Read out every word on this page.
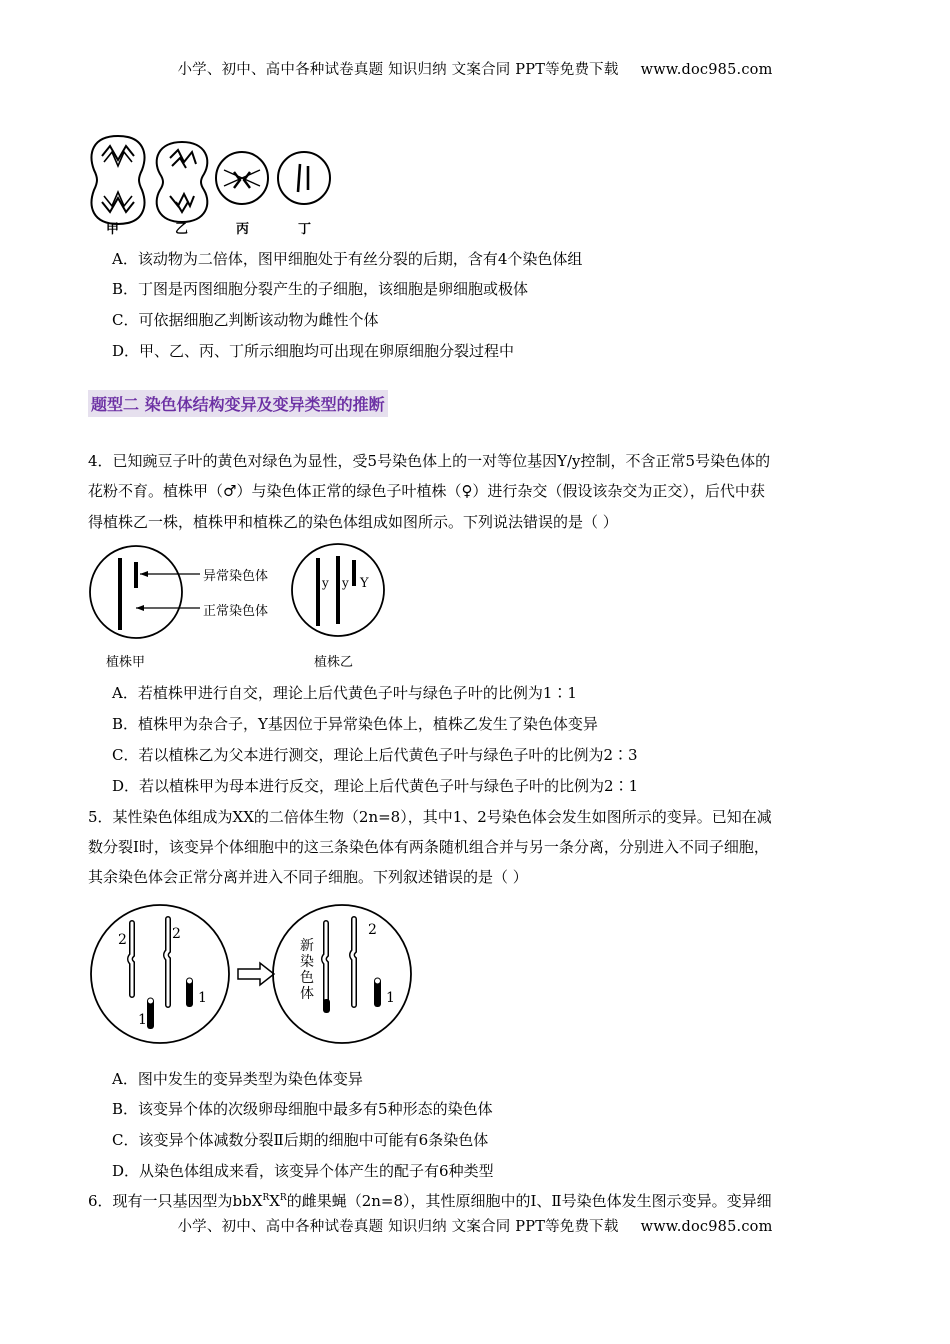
小学、初中、高中各种试卷真题 知识归纳 文案合同 PPT等免费下载 www.doc985.com
甲	乙	丙	丁
A．该动物为二倍体，图甲细胞处于有丝分裂的后期，含有4个染色体组
B．丁图是丙图细胞分裂产生的子细胞，该细胞是卵细胞或极体
C．可依据细胞乙判断该动物为雌性个体
D．甲、乙、丙、丁所示细胞均可出现在卵原细胞分裂过程中
题型二 染色体结构变异及变异类型的推断
4．已知豌豆子叶的黄色对绿色为显性，受5号染色体上的一对等位基因Y/y控制，不含正常5号染色体的
花粉不育。植株甲（♂）与染色体正常的绿色子叶植株（♀）进行杂交（假设该杂交为正交），后代中获
得植株乙一株，植株甲和植株乙的染色体组成如图所示。下列说法错误的是（ ）
异常染色体
正常染色体
y y Y
植株甲	植株乙
A．若植株甲进行自交，理论上后代黄色子叶与绿色子叶的比例为1∶1
B．植株甲为杂合子，Y基因位于异常染色体上，植株乙发生了染色体变异
C．若以植株乙为父本进行测交，理论上后代黄色子叶与绿色子叶的比例为2∶3
D．若以植株甲为母本进行反交，理论上后代黄色子叶与绿色子叶的比例为2∶1
5．某性染色体组成为XX的二倍体生物（2n=8），其中1、2号染色体会发生如图所示的变异。已知在减
数分裂Ⅰ时，该变异个体细胞中的这三条染色体有两条随机组合并与另一条分离，分别进入不同子细胞，
其余染色体会正常分离并进入不同子细胞。下列叙述错误的是（ ）
2	2
1
1
2
1
新
染
色
体
A．图中发生的变异类型为染色体变异
B．该变异个体的次级卵母细胞中最多有5种形态的染色体
C．该变异个体减数分裂Ⅱ后期的细胞中可能有6条染色体
D．从染色体组成来看，该变异个体产生的配子有6种类型
6．现有一只基因型为$bbX^RX^R$的雌果蝇（2n=8），其性原细胞中的Ⅰ、Ⅱ号染色体发生图示变异。变异细
小学、初中、高中各种试卷真题 知识归纳 文案合同 PPT等免费下载 www.doc985.com
